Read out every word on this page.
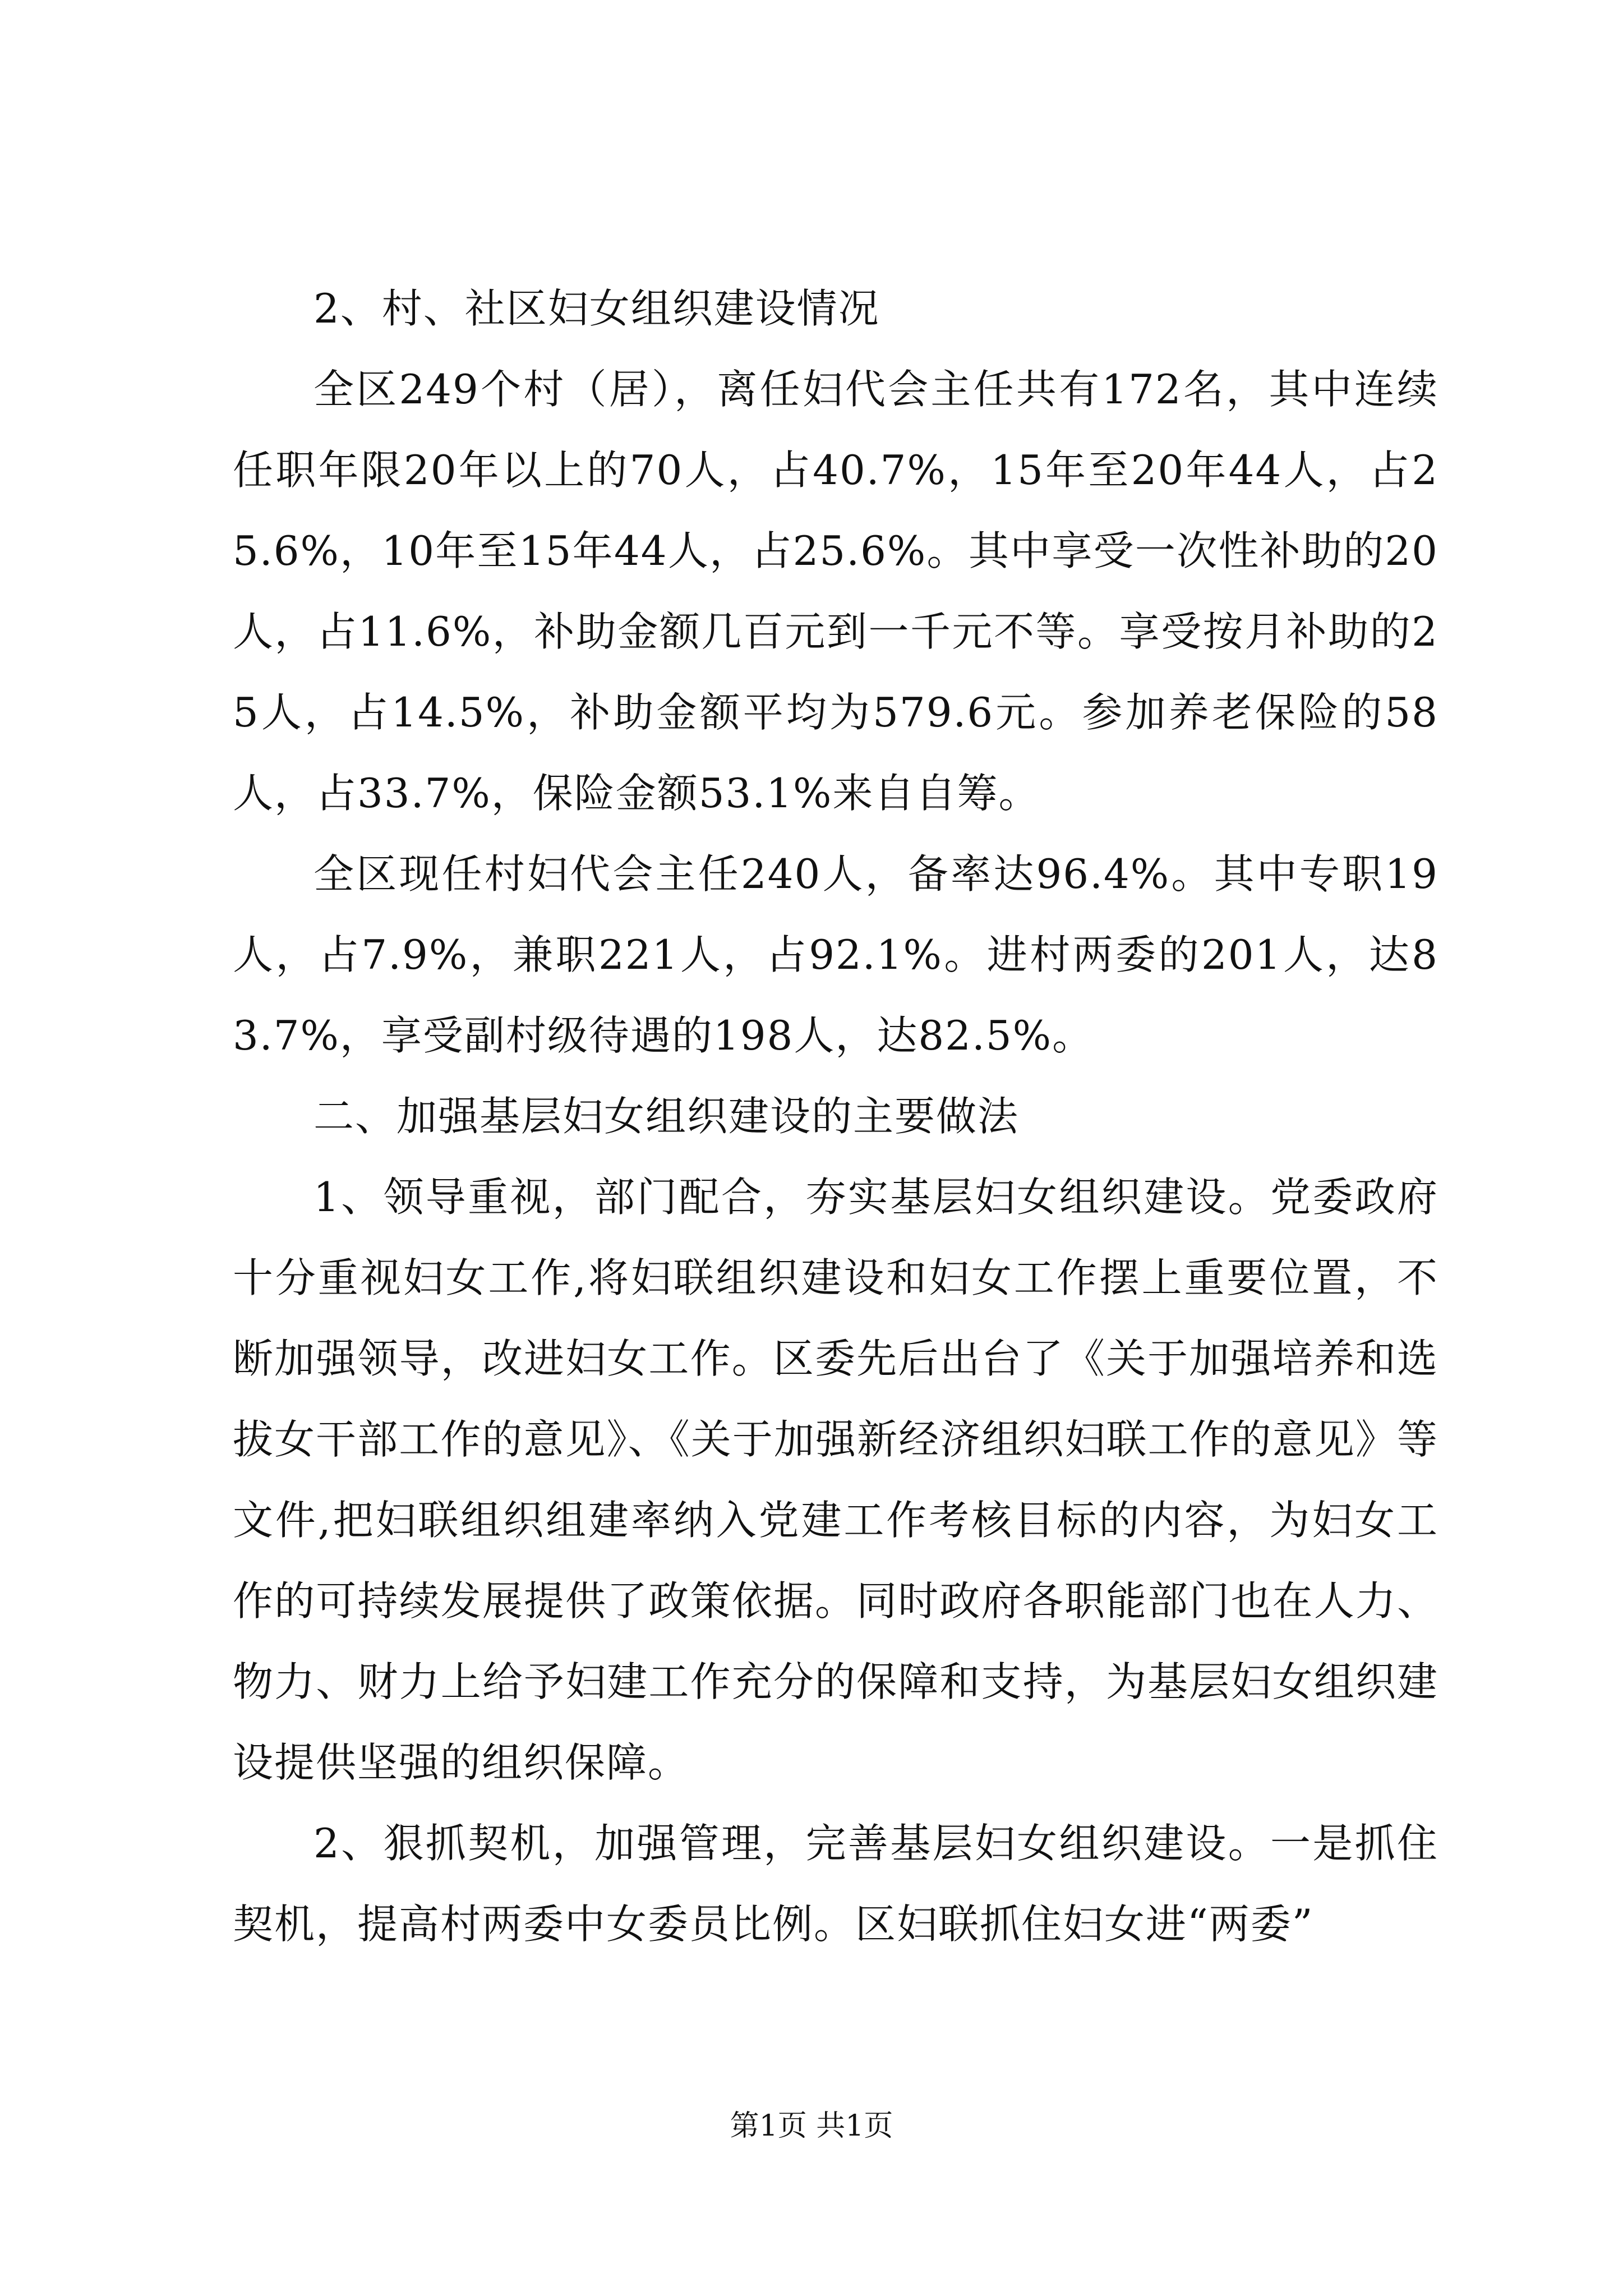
2、村、社区妇女组织建设情况

全区249个村（居），离任妇代会主任共有172名，其中连续任职年限20年以上的70人，占40.7%，15年至20年44人，占25.6%，10年至15年44人，占25.6%。其中享受一次性补助的20人，占11.6%，补助金额几百元到一千元不等。享受按月补助的25人，占14.5%，补助金额平均为579.6元。参加养老保险的58人，占33.7%，保险金额53.1%来自自筹。

全区现任村妇代会主任240人，备率达96.4%。其中专职19人，占7.9%，兼职221人，占92.1%。进村两委的201人，达83.7%，享受副村级待遇的198人，达82.5%。

二、加强基层妇女组织建设的主要做法

1、领导重视，部门配合，夯实基层妇女组织建设。党委政府十分重视妇女工作,将妇联组织建设和妇女工作摆上重要位置，不断加强领导，改进妇女工作。区委先后出台了《关于加强培养和选拔女干部工作的意见》、《关于加强新经济组织妇联工作的意见》等文件,把妇联组织组建率纳入党建工作考核目标的内容，为妇女工作的可持续发展提供了政策依据。同时政府各职能部门也在人力、物力、财力上给予妇建工作充分的保障和支持，为基层妇女组织建设提供坚强的组织保障。

2、狠抓契机，加强管理，完善基层妇女组织建设。一是抓住契机，提高村两委中女委员比例。区妇联抓住妇女进“两委”

第1页 共1页
